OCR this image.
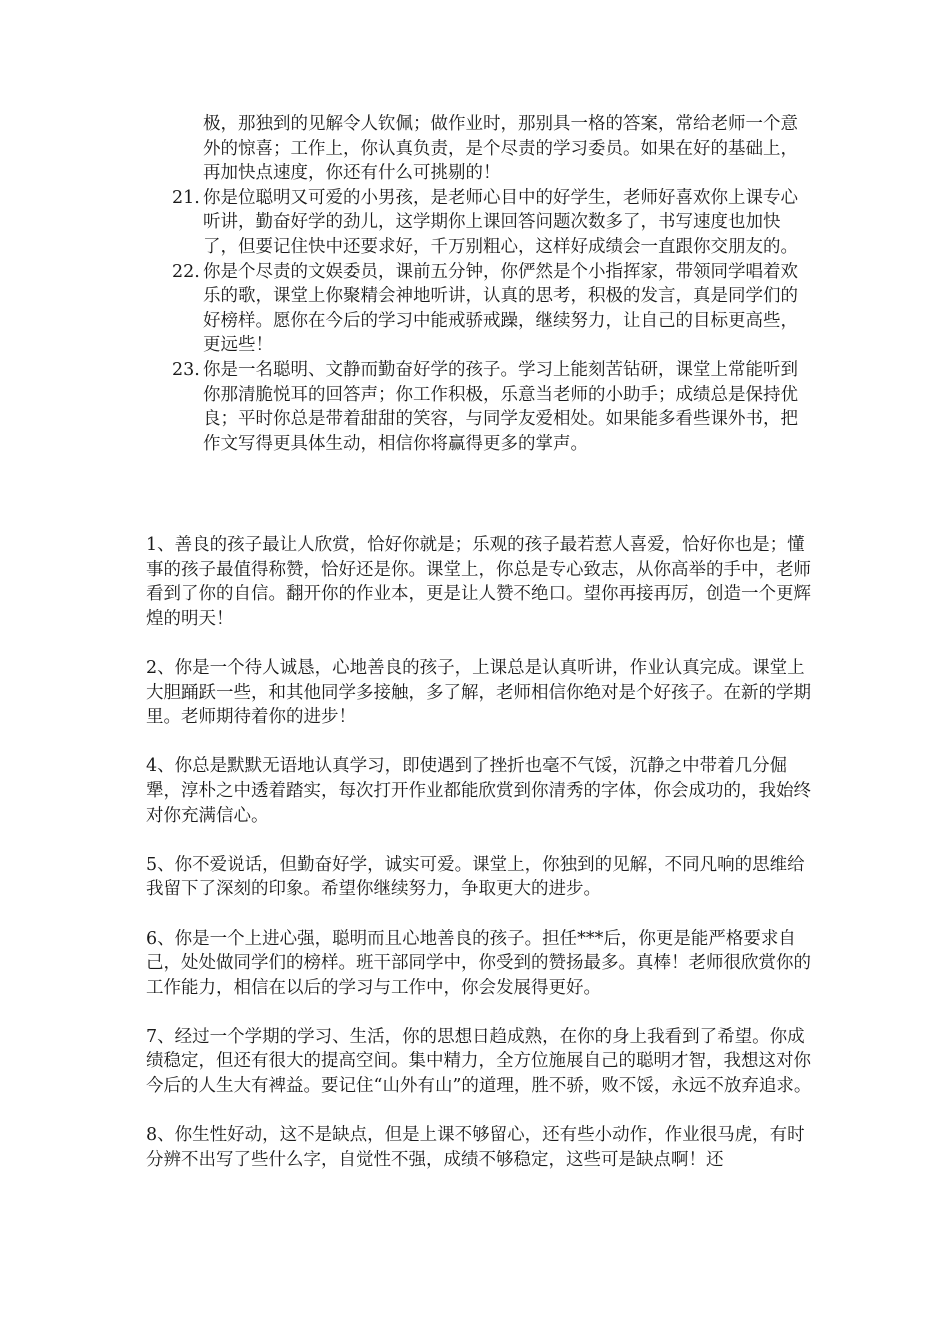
极，那独到的见解令人钦佩；做作业时，那别具一格的答案，常给老师一个意外的惊喜；工作上，你认真负责，是个尽责的学习委员。如果在好的基础上，再加快点速度，你还有什么可挑剔的！

21. 你是位聪明又可爱的小男孩，是老师心目中的好学生，老师好喜欢你上课专心听讲，勤奋好学的劲儿，这学期你上课回答问题次数多了，书写速度也加快了，但要记住快中还要求好，千万别粗心，这样好成绩会一直跟你交朋友的。
22. 你是个尽责的文娱委员，课前五分钟，你俨然是个小指挥家，带领同学唱着欢乐的歌，课堂上你聚精会神地听讲，认真的思考，积极的发言，真是同学们的好榜样。愿你在今后的学习中能戒骄戒躁，继续努力，让自己的目标更高些，更远些！
23. 你是一名聪明、文静而勤奋好学的孩子。学习上能刻苦钻研，课堂上常能听到你那清脆悦耳的回答声；你工作积极，乐意当老师的小助手；成绩总是保持优良；平时你总是带着甜甜的笑容，与同学友爱相处。如果能多看些课外书，把作文写得更具体生动，相信你将赢得更多的掌声。

1、善良的孩子最让人欣赏，恰好你就是；乐观的孩子最若惹人喜爱，恰好你也是；懂事的孩子最值得称赞，恰好还是你。课堂上，你总是专心致志，从你高举的手中，老师看到了你的自信。翻开你的作业本，更是让人赞不绝口。望你再接再厉，创造一个更辉煌的明天！

2、你是一个待人诚恳，心地善良的孩子，上课总是认真听讲，作业认真完成。课堂上大胆踊跃一些，和其他同学多接触，多了解，老师相信你绝对是个好孩子。在新的学期里。老师期待着你的进步！

4、你总是默默无语地认真学习，即使遇到了挫折也毫不气馁，沉静之中带着几分倔犟，淳朴之中透着踏实，每次打开作业都能欣赏到你清秀的字体，你会成功的，我始终对你充满信心。

5、你不爱说话，但勤奋好学，诚实可爱。课堂上，你独到的见解，不同凡响的思维给我留下了深刻的印象。希望你继续努力，争取更大的进步。

6、你是一个上进心强，聪明而且心地善良的孩子。担任***后，你更是能严格要求自己，处处做同学们的榜样。班干部同学中，你受到的赞扬最多。真棒！老师很欣赏你的工作能力，相信在以后的学习与工作中，你会发展得更好。

7、经过一个学期的学习、生活，你的思想日趋成熟，在你的身上我看到了希望。你成绩稳定，但还有很大的提高空间。集中精力，全方位施展自己的聪明才智，我想这对你今后的人生大有裨益。要记住“山外有山”的道理，胜不骄，败不馁，永远不放弃追求。

8、你生性好动，这不是缺点，但是上课不够留心，还有些小动作，作业很马虎，有时分辨不出写了些什么字，自觉性不强，成绩不够稳定，这些可是缺点啊！还
